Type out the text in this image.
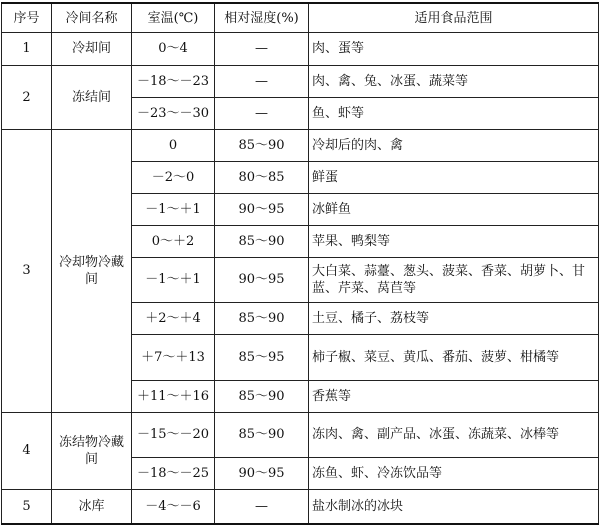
序号	冷间名称	室温(℃)	相对湿度(%)	适用食品范围
1	冷却间	0～4	—	肉、蛋等
2	冻结间	－18～－23	—	肉、禽、兔、冰蛋、蔬菜等
		－23～－30	—	鱼、虾等
3	冷却物冷藏间	0	85～90	冷却后的肉、禽
		－2～0	80～85	鲜蛋
		－1～＋1	90～95	冰鲜鱼
		0～＋2	85～90	苹果、鸭梨等
		－1～＋1	90～95	大白菜、蒜薹、葱头、菠菜、香菜、胡萝卜、甘蓝、芹菜、莴苣等
		＋2～＋4	85～90	土豆、橘子、荔枝等
		＋7～＋13	85～95	柿子椒、菜豆、黄瓜、番茄、菠萝、柑橘等
		＋11～＋16	85～90	香蕉等
4	冻结物冷藏间	－15～－20	85～90	冻肉、禽、副产品、冰蛋、冻蔬菜、冰棒等
		－18～－25	90～95	冻鱼、虾、冷冻饮品等
5	冰库	－4～－6	—	盐水制冰的冰块
